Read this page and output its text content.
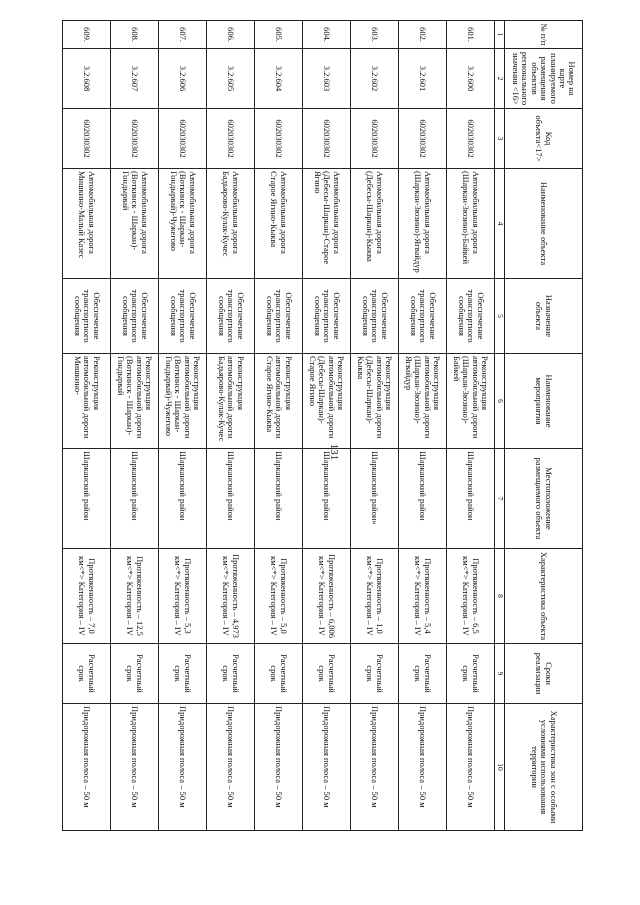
131
№ п/п	Номер на карте планируемого размещения объектов регионального значения <16>	Код объекта<17>	Наименование объекта	Назначение объекта	Наименование мероприятия	Местоположение размещаемого объекта	Характеристика объекта	Сроки реализации	Характеристика зон с особыми условиями использования территории
1	2	3	4	5	6	7	8	9	10
601.	3.2.600	602030302	Автомобильная дорога (Шаркан-Зюзино)-Байкей	Обеспечение транспортного сообщения	Реконструкция автомобильной дороги (Шаркан-Зюзино)-Байкей	Шарканский район	Протяженность – 6,5 км<*> Категория – IV	Расчетный срок	Придорожная полоса – 50 м
602.	3.2.601	602030302	Автомобильная дорога (Шаркан-Зюзино)-Ягвайдур	Обеспечение транспортного сообщения	Реконструкция автомобильной дороги (Шаркан-Зюзино)-Ягвайдур	Шарканский район	Протяженность – 5,4 км<*> Категория – IV	Расчетный срок	Придорожная полоса – 50 м
603.	3.2.602	602030302	Автомобильная дорога (Дебесы-Шаркан)-Кыква	Обеспечение транспортного сообщения	Реконструкция автомобильной дороги (Дебесы-Шаркан)-Кыква	Шарканский район»	Протяженность – 1,0 км<*> Категория – IV	Расчетный срок	Придорожная полоса – 50 м
604.	3.2.603	602030302	Автомобильная дорога (Дебесы-Шаркан)-Старое Ягино	Обеспечение транспортного сообщения	Реконструкция автомобильной дороги (Дебесы-Шаркан)-Старое Ягино	Шарканский район	Протяженность – 6,006 км<*> Категория – IV	Расчетный срок	Придорожная полоса – 50 м
605.	3.2.604	602030302	Автомобильная дорога Старое Ягино-Кыква	Обеспечение транспортного сообщения	Реконструкция автомобильной дороги Старое Ягино-Кыква	Шарканский район	Протяженность – 5,0 км<*> Категория – IV	Расчетный срок	Придорожная полоса – 50 м
606.	3.2.605	602030302	Автомобильная дорога Бадьярово-Кулак-Кучес	Обеспечение транспортного сообщения	Реконструкция автомобильной дороги Бадьярово-Кулак-Кучес	Шарканский район	Протяженность – 4,973 км<*> Категория – IV	Расчетный срок	Придорожная полоса – 50 м
607.	3.2.606	602030302	Автомобильная дорога (Воткинск - Шаркан-Гондырвай)-Чужегово	Обеспечение транспортного сообщения	Реконструкция автомобильной дороги (Воткинск - Шаркан-Гондырвай)-Чужегово	Шарканский район	Протяженность – 5,3 км<*> Категория – IV	Расчетный срок	Придорожная полоса – 50 м
608.	3.2.607	602030302	Автомобильная дорога (Воткинск - Шаркан)-Гондырвай	Обеспечение транспортного сообщения	Реконструкция автомобильной дороги (Воткинск - Шаркан)-Гондырвай	Шарканский район	Протяженность – 12,5 км<*> Категория – IV	Расчетный срок	Придорожная полоса – 50 м
609.	3.2.608	602030302	Автомобильная дорога Мишкино-Малый Казес	Обеспечение транспортного сообщения	Реконструкция автомобильной дороги Мишкино-	Шарканский район	Протяженность – 7,0 км<*> Категория – IV	Расчетный срок	Придорожная полоса – 50 м
